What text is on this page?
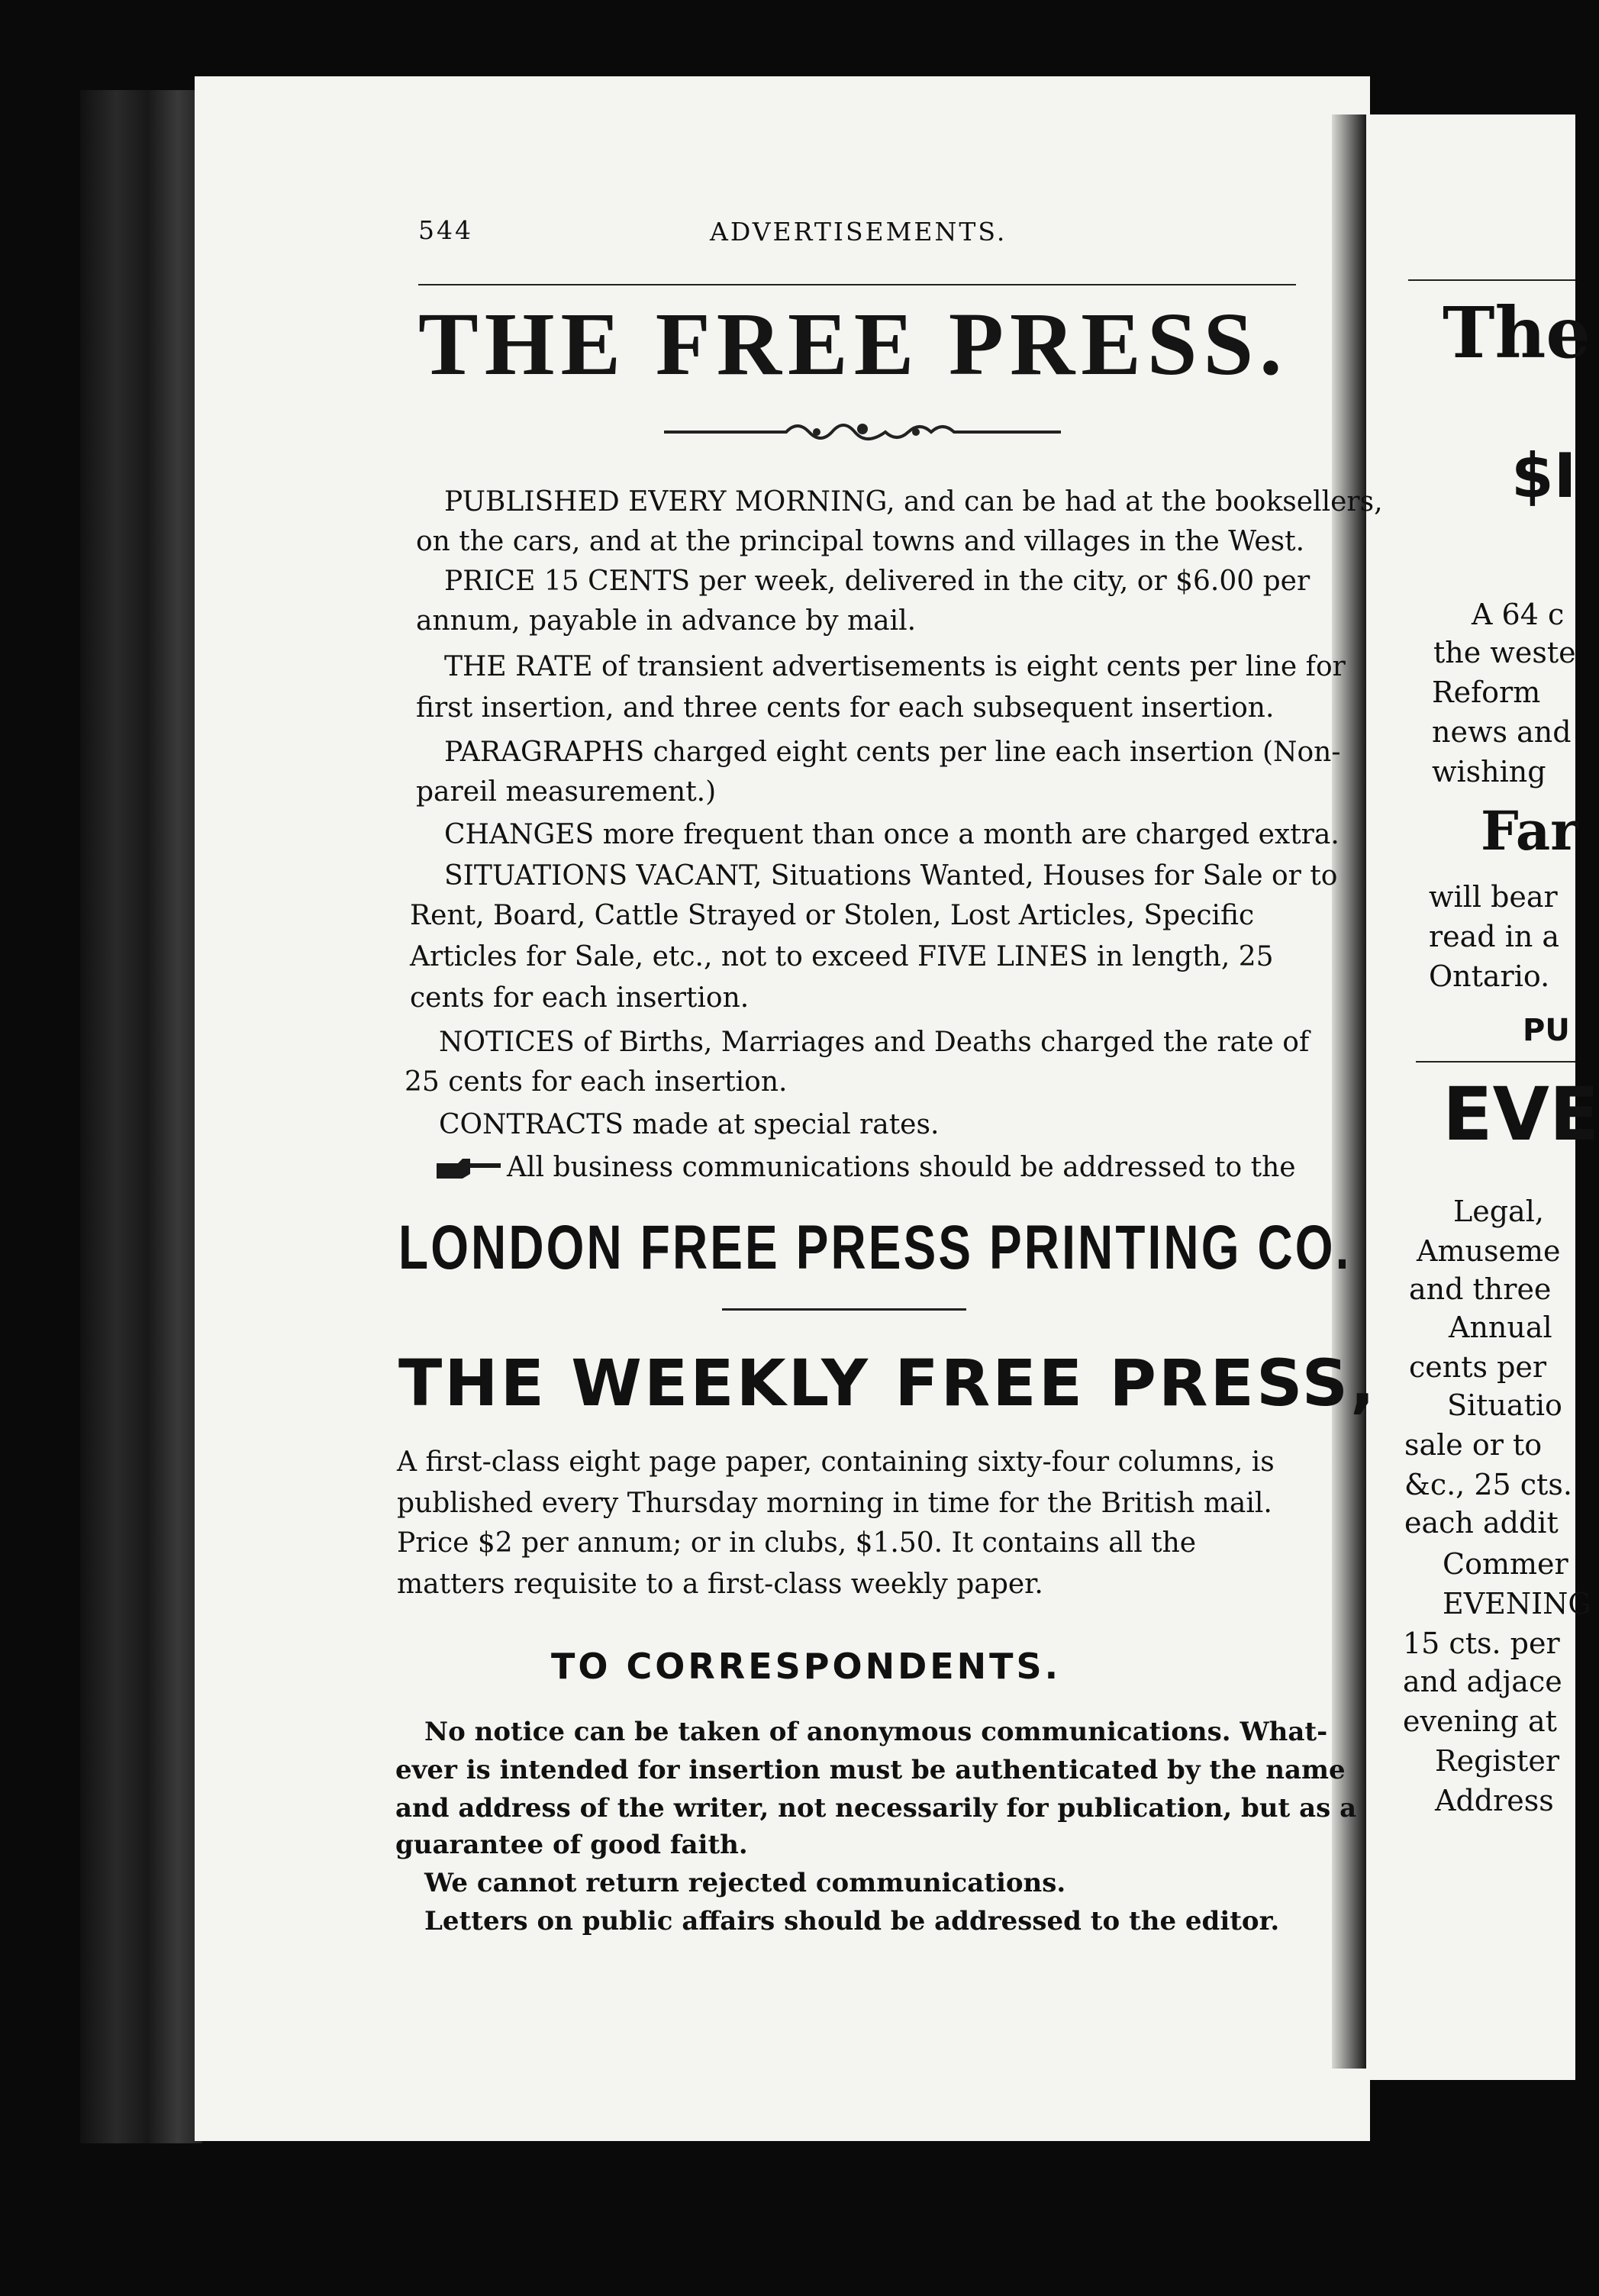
544	ADVERTISEMENTS.
THE FREE PRESS.
PUBLISHED EVERY MORNING, and can be had at the booksellers,
on the cars, and at the principal towns and villages in the West.
PRICE 15 CENTS per week, delivered in the city, or $6.00 per
annum, payable in advance by mail.
THE RATE of transient advertisements is eight cents per line for
first insertion, and three cents for each subsequent insertion.
PARAGRAPHS charged eight cents per line each insertion (Non-
pareil measurement.)
CHANGES more frequent than once a month are charged extra.
SITUATIONS VACANT, Situations Wanted, Houses for Sale or to
Rent, Board, Cattle Strayed or Stolen, Lost Articles, Specific
Articles for Sale, etc., not to exceed FIVE LINES in length, 25
cents for each insertion.
NOTICES of Births, Marriages and Deaths charged the rate of
25 cents for each insertion.
CONTRACTS made at special rates.
All business communications should be addressed to the
LONDON FREE PRESS PRINTING CO.
THE WEEKLY FREE PRESS,
A first-class eight page paper, containing sixty-four columns, is
published every Thursday morning in time for the British mail.
Price $2 per annum; or in clubs, $1.50. It contains all the
matters requisite to a first-class weekly paper.
TO CORRESPONDENTS.
No notice can be taken of anonymous communications. What-
ever is intended for insertion must be authenticated by the name
and address of the writer, not necessarily for publication, but as a
guarantee of good faith.
We cannot return rejected communications.
Letters on public affairs should be addressed to the editor.
The
$I
A 64 c
the weste
Reform
news and
wishing
Far
will bear
read in a
Ontario.
PU
EVE
Legal,
Amuseme
and three
Annual
cents per
Situatio
sale or to
&c., 25 cts.
each addit
Commer
EVENING
15 cts. per
and adjace
evening at
Register
Address
